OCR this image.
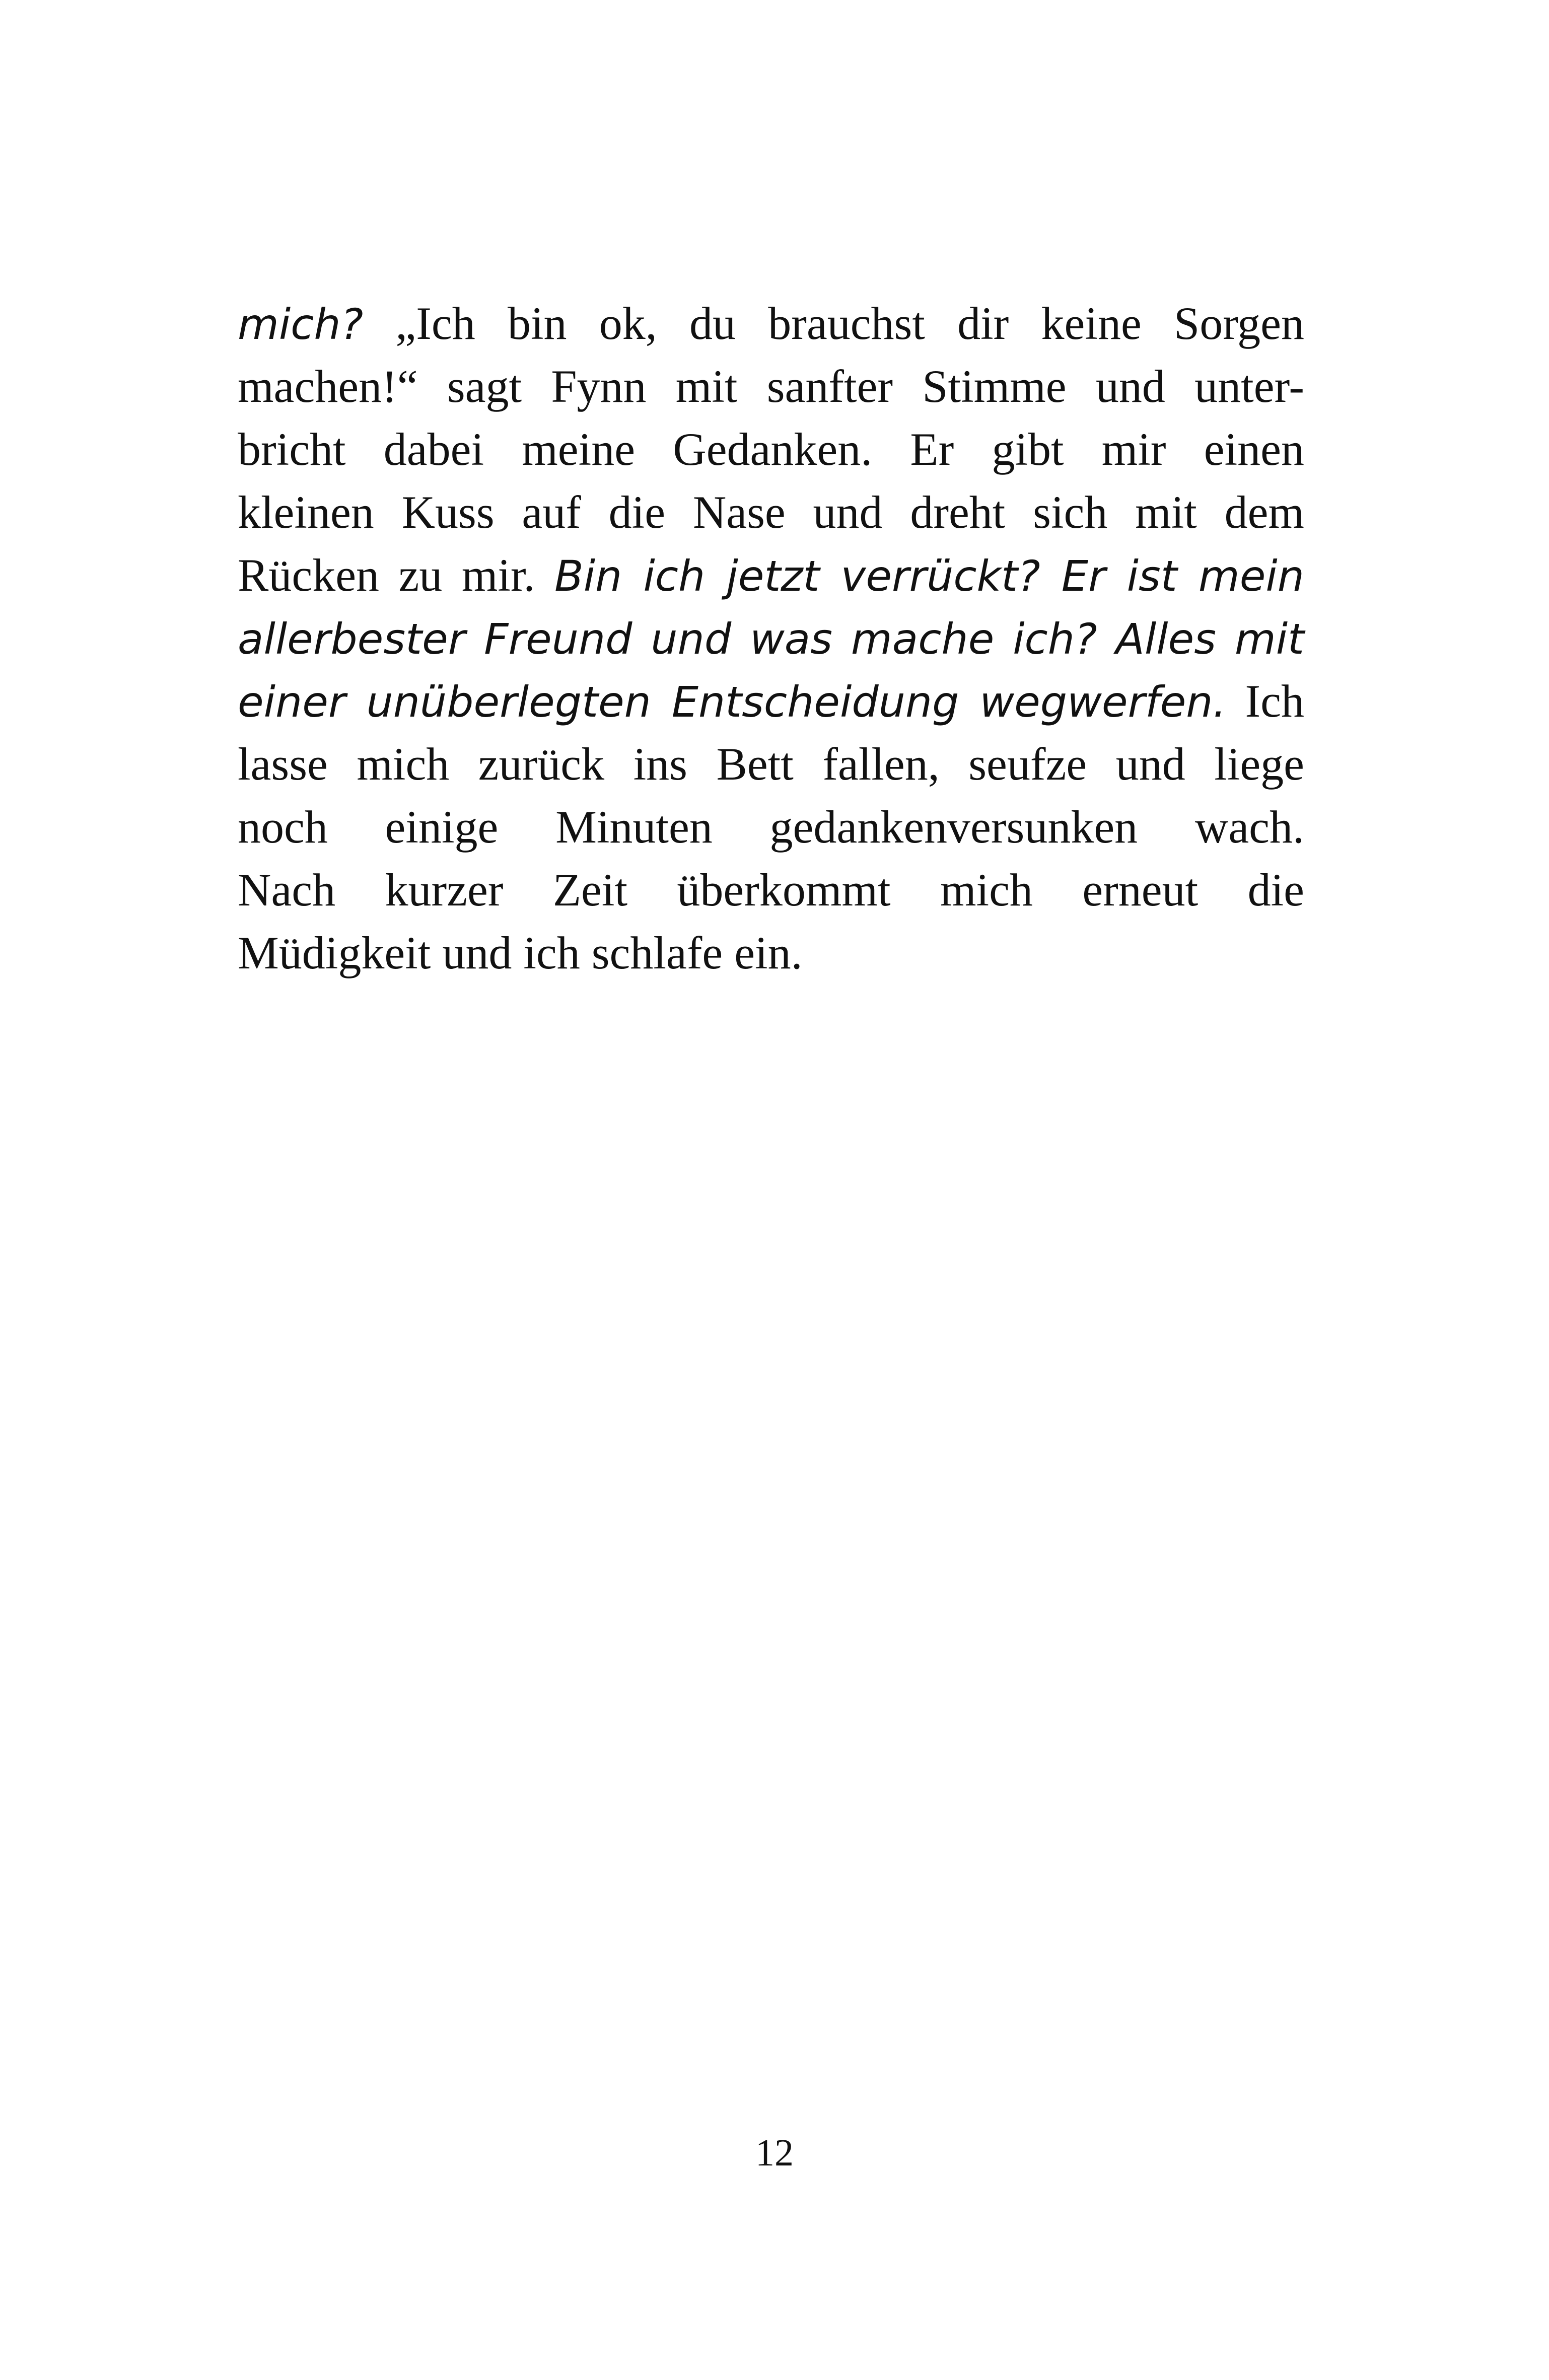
mich? „Ich bin ok, du brauchst dir keine Sorgen
machen!“ sagt Fynn mit sanfter Stimme und unter-
bricht dabei meine Gedanken. Er gibt mir einen
kleinen Kuss auf die Nase und dreht sich mit dem
Rücken zu mir. Bin ich jetzt verrückt? Er ist mein
allerbester Freund und was mache ich? Alles mit
einer unüberlegten Entscheidung wegwerfen. Ich
lasse mich zurück ins Bett fallen, seufze und liege
noch einige Minuten gedankenversunken wach.
Nach kurzer Zeit überkommt mich erneut die
Müdigkeit und ich schlafe ein.
12
